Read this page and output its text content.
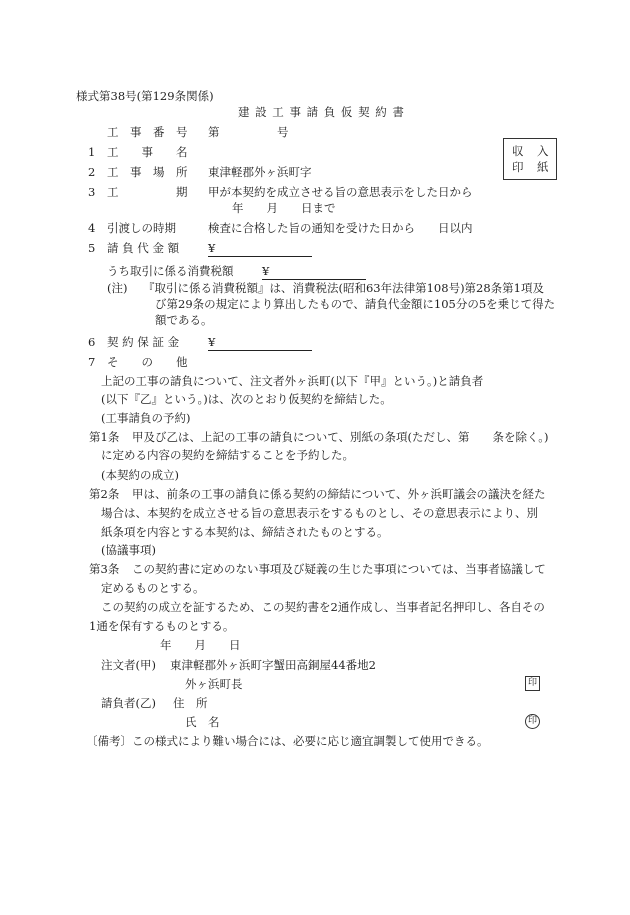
様式第38号(第129条関係)
建 設 工 事 請 負 仮 契 約 書
工　事　番　号 第　　　　　号
収 入
印 紙
1 工　　事　　名
2 工　事　場　所 東津軽郡外ヶ浜町字
3 工　　　　　期 甲が本契約を成立させる旨の意思表示をした日から
年　　月　　日まで
4 引渡しの時期	検査に合格した旨の通知を受けた日から　　日以内
5 請 負 代 金 額	¥
うち取引に係る消費税額 ¥
(注) 『取引に係る消費税額』は、消費税法(昭和63年法律第108号)第28条第1項及
び第29条の規定により算出したもので、請負代金額に105分の5を乗じて得た
額である。
6 契 約 保 証 金	¥
7 そ　　の　　他
上記の工事の請負について、注文者外ヶ浜町(以下『甲』という。)と請負者
(以下『乙』という。)は、次のとおり仮契約を締結した。
(工事請負の予約)
第1条 甲及び乙は、上記の工事の請負について、別紙の条項(ただし、第　　条を除く。)
に定める内容の契約を締結することを予約した。
(本契約の成立)
第2条 甲は、前条の工事の請負に係る契約の締結について、外ヶ浜町議会の議決を経た
場合は、本契約を成立させる旨の意思表示をするものとし、その意思表示により、別
紙条項を内容とする本契約は、締結されたものとする。
(協議事項)
第3条 この契約書に定めのない事項及び疑義の生じた事項については、当事者協議して
定めるものとする。
この契約の成立を証するため、この契約書を2通作成し、当事者記名押印し、各自その
1通を保有するものとする。
年　　月　　日
注文者(甲) 東津軽郡外ヶ浜町字蟹田高銅屋44番地2
外ヶ浜町長	印
請負者(乙) 住　所
氏　名	印
〔備考〕この様式により難い場合には、必要に応じ適宜調製して使用できる。
